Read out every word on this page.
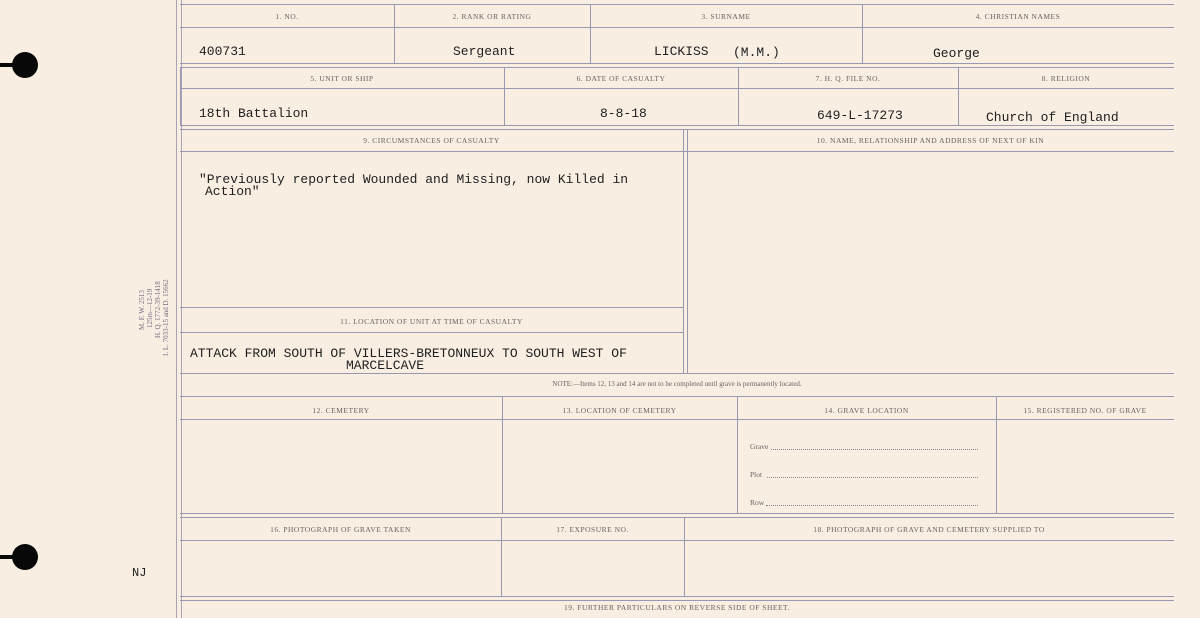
M. F. W. 2513 125m—12-19 H. Q. 1772-39-1418 I. L. 7033-15 and D. 15662
NJ
1. NO.	2. RANK OR RATING	3. SURNAME	4. CHRISTIAN NAMES
400731	Sergeant	LICKISS (M.M.)	George
5. UNIT OR SHIP	6. DATE OF CASUALTY	7. H. Q. FILE NO.	8. RELIGION
18th Battalion	8-8-18	649-L-17273	Church of England
9. CIRCUMSTANCES OF CASUALTY	10. NAME, RELATIONSHIP AND ADDRESS OF NEXT OF KIN
"Previously reported Wounded and Missing, now Killed in
Action"
11. LOCATION OF UNIT AT TIME OF CASUALTY
ATTACK FROM SOUTH OF VILLERS-BRETONNEUX TO SOUTH WEST OF
MARCELCAVE
NOTE:—Items 12, 13 and 14 are not to be completed until grave is permanently located.
12. CEMETERY	13. LOCATION OF CEMETERY	14. GRAVE LOCATION	15. REGISTERED NO. OF GRAVE
Grave
Plot
Row
16. PHOTOGRAPH OF GRAVE TAKEN	17. EXPOSURE NO.	18. PHOTOGRAPH OF GRAVE AND CEMETERY SUPPLIED TO
19. FURTHER PARTICULARS ON REVERSE SIDE OF SHEET.
